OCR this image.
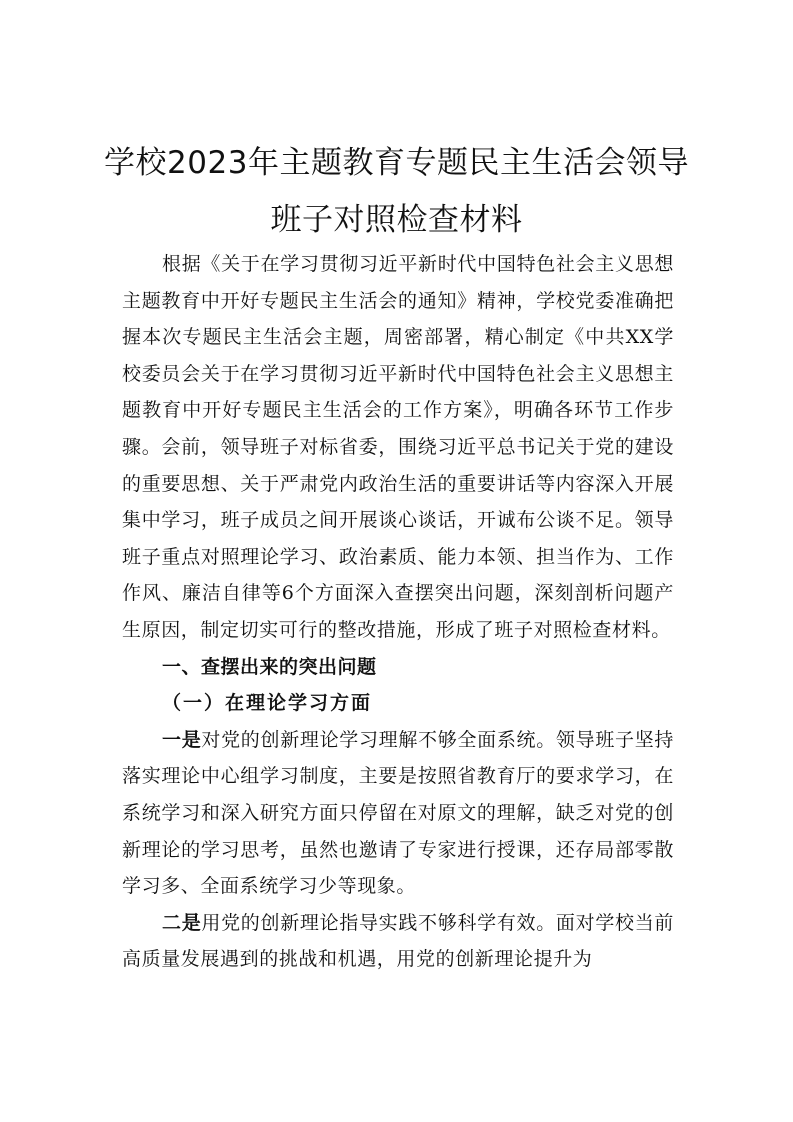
学校2023年主题教育专题民主生活会领导
班子对照检查材料

根据《关于在学习贯彻习近平新时代中国特色社会主义思想主题教育中开好专题民主生活会的通知》精神，学校党委准确把握本次专题民主生活会主题，周密部署，精心制定《中共XX学校委员会关于在学习贯彻习近平新时代中国特色社会主义思想主题教育中开好专题民主生活会的工作方案》，明确各环节工作步骤。会前，领导班子对标省委，围绕习近平总书记关于党的建设的重要思想、关于严肃党内政治生活的重要讲话等内容深入开展集中学习，班子成员之间开展谈心谈话，开诚布公谈不足。领导班子重点对照理论学习、政治素质、能力本领、担当作为、工作作风、廉洁自律等6个方面深入查摆突出问题，深刻剖析问题产生原因，制定切实可行的整改措施，形成了班子对照检查材料。

一、查摆出来的突出问题

（一）在理论学习方面

一是对党的创新理论学习理解不够全面系统。领导班子坚持落实理论中心组学习制度，主要是按照省教育厅的要求学习，在系统学习和深入研究方面只停留在对原文的理解，缺乏对党的创新理论的学习思考，虽然也邀请了专家进行授课，还存局部零散学习多、全面系统学习少等现象。

二是用党的创新理论指导实践不够科学有效。面对学校当前高质量发展遇到的挑战和机遇，用党的创新理论提升为
